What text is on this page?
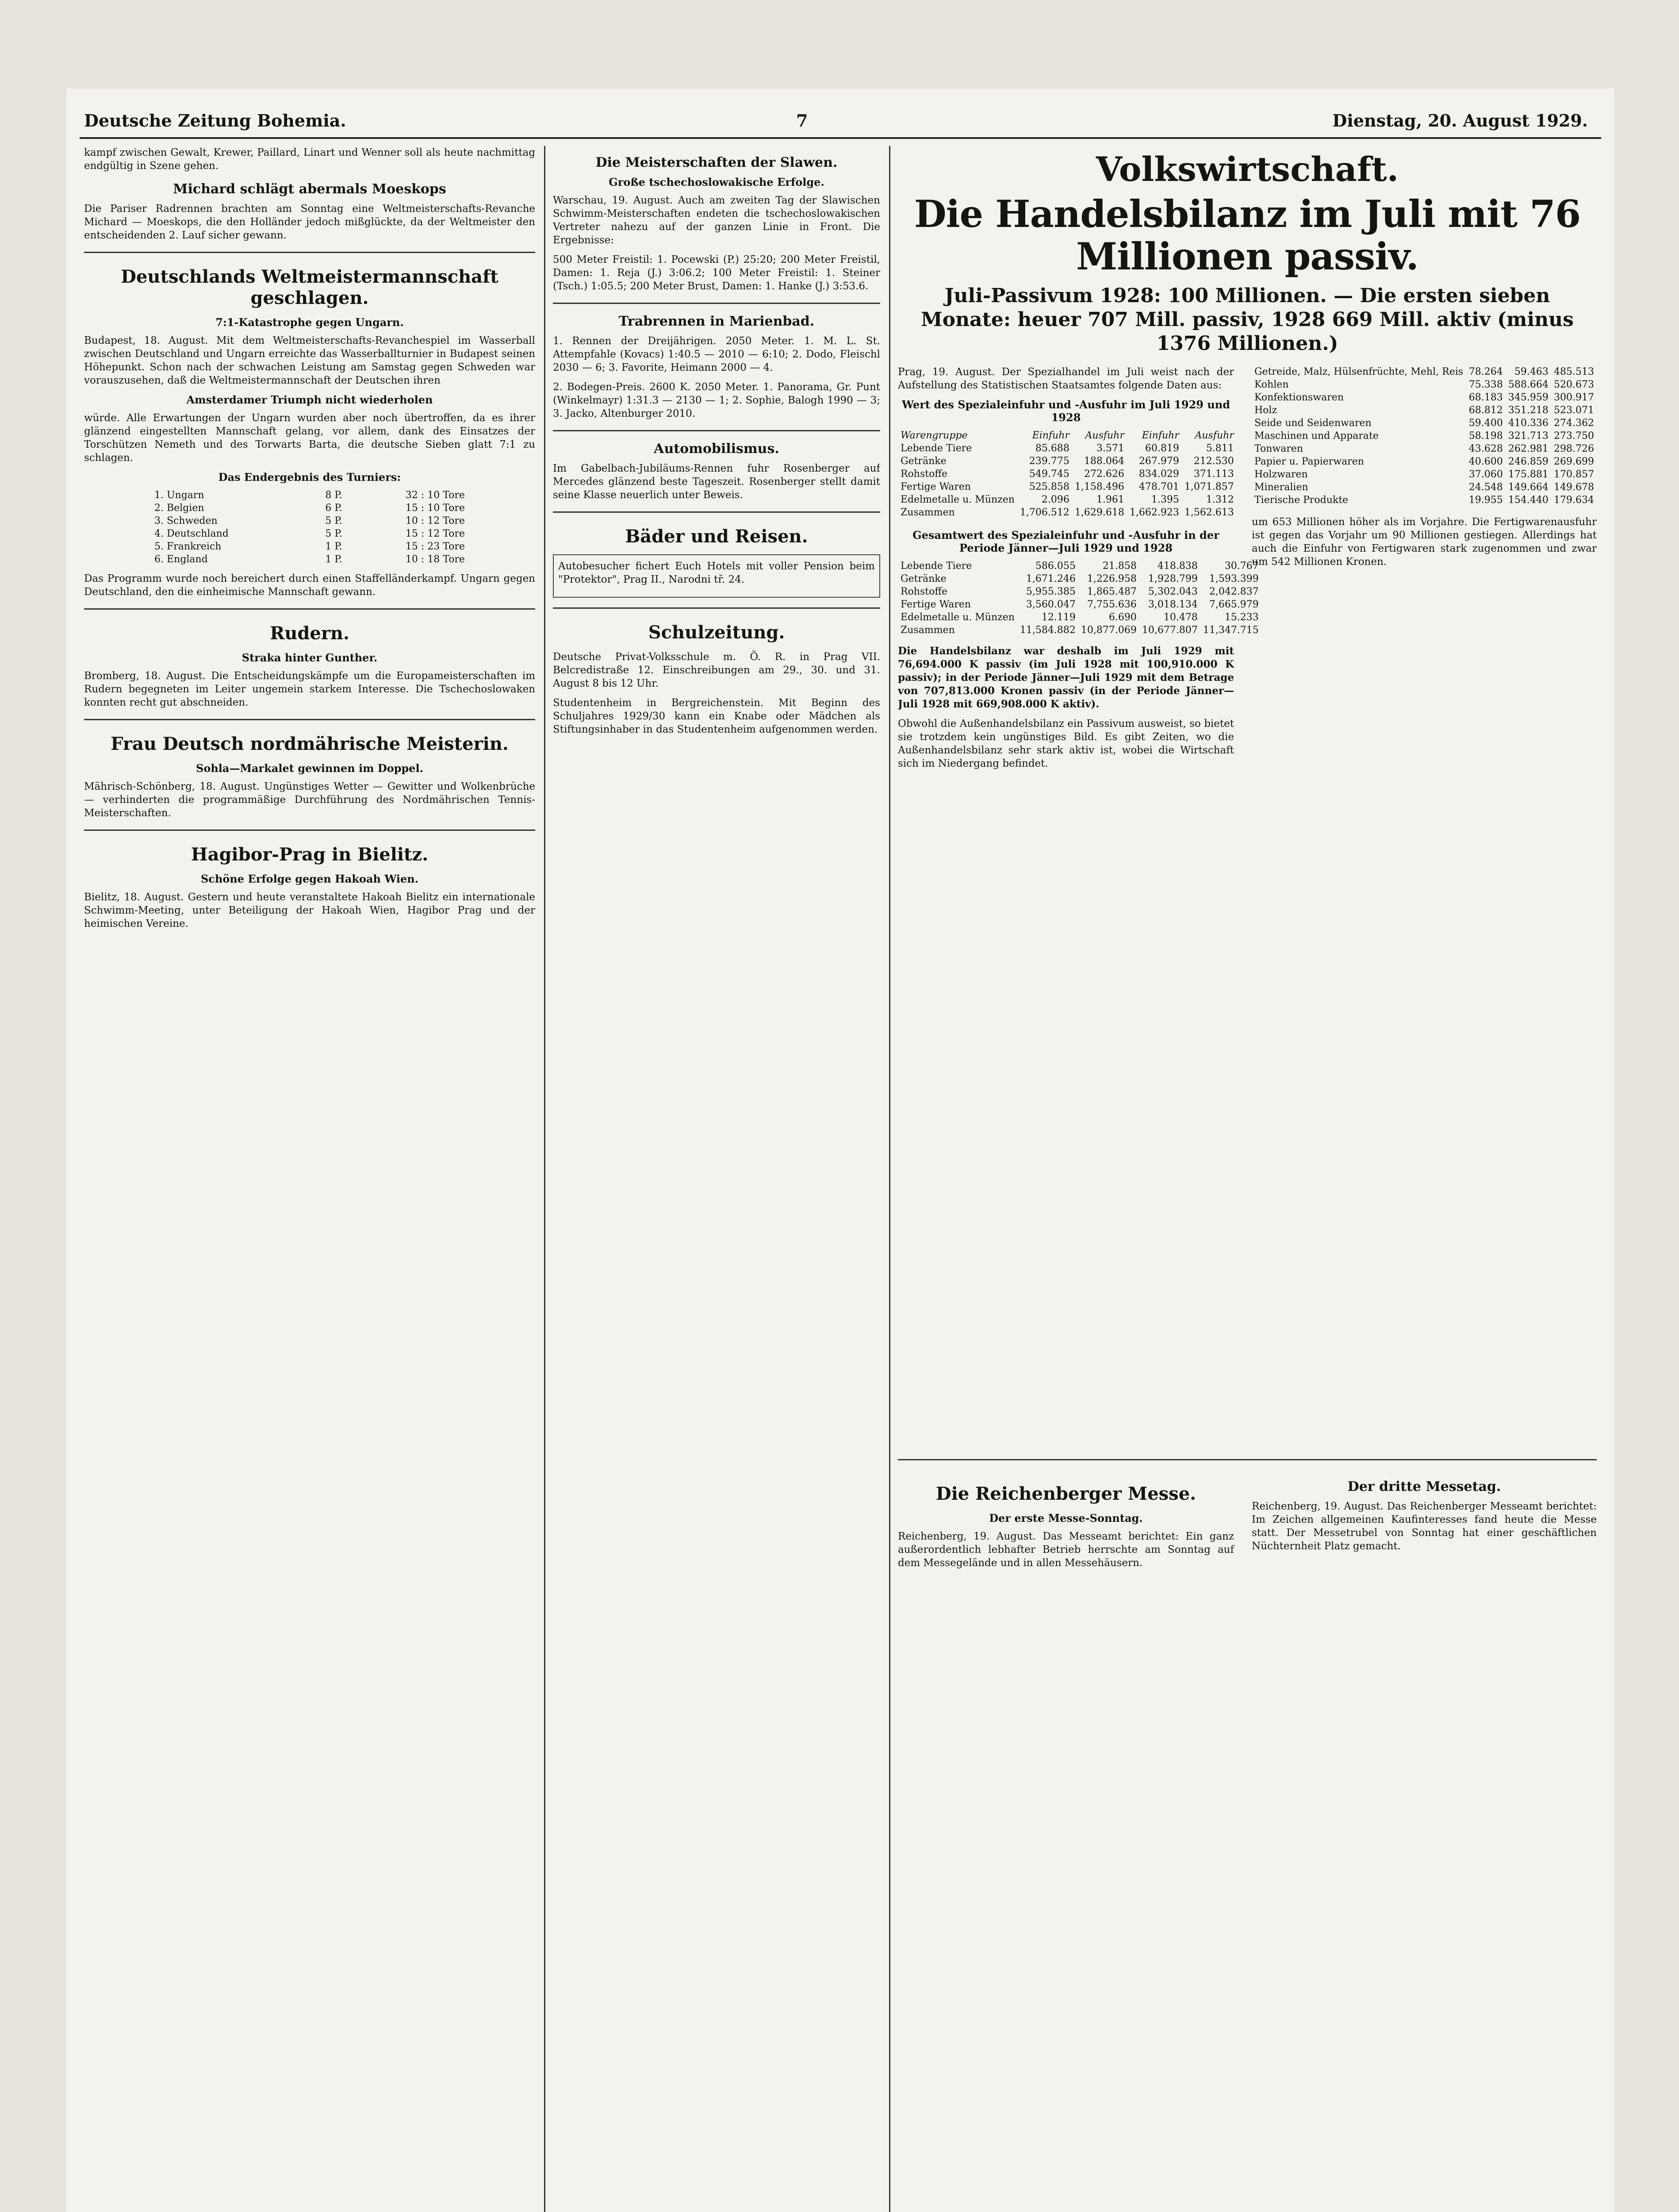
Deutsche Zeitung Bohemia.	7	Dienstag, 20. August 1929.

kampf zwischen Gewalt, Krewer, Paillard, Linart und Wenner soll als heute nachmittag endgültig in Szene gehen.

Michard schlägt abermals Moeskops

Die Pariser Radrennen brachten am Sonntag eine Weltmeisterschafts-Revanche Michard — Moeskops, die den Holländer jedoch mißglückte, da der Weltmeister den entscheidenden 2. Lauf sicher gewann.

Deutschlands Weltmeistermannschaft geschlagen.
7:1-Katastrophe gegen Ungarn.

Budapest, 18. August. Mit dem Weltmeisterschafts-Revanchespiel im Wasserball zwischen Deutschland und Ungarn erreichte das Wasserballturnier in Budapest seinen Höhepunkt. Schon nach der schwachen Leistung am Samstag gegen Schweden war vorauszusehen, daß die Weltmeistermannschaft der Deutschen ihren

Amsterdamer Triumph nicht wiederholen

würde. Alle Erwartungen der Ungarn wurden aber noch übertroffen, da es ihrer glänzend eingestellten Mannschaft gelang, vor allem, dank des Einsatzes der Torschützen Nemeth und des Torwarts Barta, die deutsche Sieben glatt 7:1 zu schlagen.

Das Endergebnis des Turniers:
1. Ungarn	8 P.	32 : 10 Tore
2. Belgien	6 P.	15 : 10 Tore
3. Schweden	5 P.	10 : 12 Tore
4. Deutschland	5 P.	15 : 12 Tore
5. Frankreich	1 P.	15 : 23 Tore
6. England	1 P.	10 : 18 Tore

Das Programm wurde noch bereichert durch einen Staffelländerkampf. Ungarn gegen Deutschland, den die einheimische Mannschaft gewann.

Rudern.
Straka hinter Gunther.

Bromberg, 18. August. Die Entscheidungskämpfe um die Europameisterschaften im Rudern begegneten im Leiter ungemein starkem Interesse. Die Tschechoslowaken konnten recht gut abschneiden.

Frau Deutsch nordmährische Meisterin.
Sohla—Markalet gewinnen im Doppel.

Mährisch-Schönberg, 18. August. Ungünstiges Wetter — Gewitter und Wolkenbrüche — verhinderten die programmäßige Durchführung des Nordmährischen Tennis-Meisterschaften.

Hagibor-Prag in Bielitz.
Schöne Erfolge gegen Hakoah Wien.

Bielitz, 18. August. Gestern und heute veranstaltete Hakoah Bielitz ein internationale Schwimm-Meeting, unter Beteiligung der Hakoah Wien, Hagibor Prag und der heimischen Vereine.

Die Meisterschaften der Slawen.
Große tschechoslowakische Erfolge.

Warschau, 19. August. Auch am zweiten Tag der Slawischen Schwimm-Meisterschaften endeten die tschechoslowakischen Vertreter nahezu auf der ganzen Linie in Front. Die Ergebnisse:

500 Meter Freistil: 1. Pocewski (P.) 25:20; 200 Meter Freistil, Damen: 1. Reja (J.) 3:06.2; 100 Meter Freistil: 1. Steiner (Tsch.) 1:05.5; 200 Meter Brust, Damen: 1. Hanke (J.) 3:53.6.

Trabrennen in Marienbad.

1. Rennen der Dreijährigen. 2050 Meter. 1. M. L. St. Attempfahle (Kovacs) 1:40.5 — 2010 — 6:10; 2. Dodo, Fleischl 2030 — 6; 3. Favorite, Heimann 2000 — 4.

2. Bodegen-Preis. 2600 K. 2050 Meter. 1. Panorama, Gr. Punt (Winkelmayr) 1:31.3 — 2130 — 1; 2. Sophie, Balogh 1990 — 3; 3. Jacko, Altenburger 2010.

Automobilismus.

Im Gabelbach-Jubiläums-Rennen fuhr Rosenberger auf Mercedes glänzend beste Tageszeit. Rosenberger stellt damit seine Klasse neuerlich unter Beweis.

Bäder und Reisen.

Autobesucher fichert Euch Hotels mit voller Pension beim "Protektor", Prag II., Narodni tř. 24.

Schulzeitung.

Deutsche Privat-Volksschule m. Ö. R. in Prag VII. Belcredistraße 12. Einschreibungen am 29., 30. und 31. August 8 bis 12 Uhr.

Studentenheim in Bergreichenstein. Mit Beginn des Schuljahres 1929/30 kann ein Knabe oder Mädchen als Stiftungsinhaber in das Studentenheim aufgenommen werden.

Volkswirtschaft.
Die Handelsbilanz im Juli mit 76 Millionen passiv.
Juli-Passivum 1928: 100 Millionen. — Die ersten sieben Monate: heuer 707 Mill. passiv, 1928 669 Mill. aktiv (minus 1376 Millionen.)

Prag, 19. August. Der Spezialhandel im Juli weist nach der Aufstellung des Statistischen Staatsamtes folgende Daten aus:

Wert des Spezialeinfuhr und -Ausfuhr im Juli 1929 und 1928
Warengruppe	Einfuhr	Ausfuhr	Einfuhr	Ausfuhr
Lebende Tiere	85.688	3.571	60.819	5.811
Getränke	239.775	188.064	267.979	212.530
Rohstoffe	549.745	272.626	834.029	371.113
Fertige Waren	525.858	1,158.496	478.701	1,071.857
Edelmetalle u. Münzen	2.096	1.961	1.395	1.312
Zusammen	1,706.512	1,629.618	1,662.923	1,562.613
Gesamtwert des Spezialeinfuhr und -Ausfuhr in der Periode Jänner—Juli 1929 und 1928
Lebende Tiere	586.055	21.858	418.838	30.767
Getränke	1,671.246	1,226.958	1,928.799	1,593.399
Rohstoffe	5,955.385	1,865.487	5,302.043	2,042.837
Fertige Waren	3,560.047	7,755.636	3,018.134	7,665.979
Edelmetalle u. Münzen	12.119	6.690	10.478	15.233
Zusammen	11,584.882	10,877.069	10,677.807	11,347.715

Die Handelsbilanz war deshalb im Juli 1929 mit 76,694.000 K passiv (im Juli 1928 mit 100,910.000 K passiv); in der Periode Jänner—Juli 1929 mit dem Betrage von 707,813.000 Kronen passiv (in der Periode Jänner—Juli 1928 mit 669,908.000 K aktiv).

Obwohl die Außenhandelsbilanz ein Passivum ausweist, so bietet sie trotzdem kein ungünstiges Bild. Es gibt Zeiten, wo die Außenhandelsbilanz sehr stark aktiv ist, wobei die Wirtschaft sich im Niedergang befindet.

Getreide, Malz, Hülsenfrüchte, Mehl, Reis	78.264	59.463	485.513
Kohlen	75.338	588.664	520.673
Konfektionswaren	68.183	345.959	300.917
Holz	68.812	351.218	523.071
Seide und Seidenwaren	59.400	410.336	274.362
Maschinen und Apparate	58.198	321.713	273.750
Tonwaren	43.628	262.981	298.726
Papier u. Papierwaren	40.600	246.859	269.699
Holzwaren	37.060	175.881	170.857
Mineralien	24.548	149.664	149.678
Tierische Produkte	19.955	154.440	179.634

um 653 Millionen höher als im Vorjahre. Die Fertigwarenausfuhr ist gegen das Vorjahr um 90 Millionen gestiegen. Allerdings hat auch die Einfuhr von Fertigwaren stark zugenommen und zwar um 542 Millionen Kronen.

Die Reichenberger Messe.
Der erste Messe-Sonntag.

Reichenberg, 19. August. Das Messeamt berichtet: Ein ganz außerordentlich lebhafter Betrieb herrschte am Sonntag auf dem Messegelände und in allen Messehäusern.

Der dritte Messetag.

Reichenberg, 19. August. Das Reichenberger Messeamt berichtet: Im Zeichen allgemeinen Kaufinteresses fand heute die Messe statt. Der Messetrubel von Sonntag hat einer geschäftlichen Nüchternheit Platz gemacht.
